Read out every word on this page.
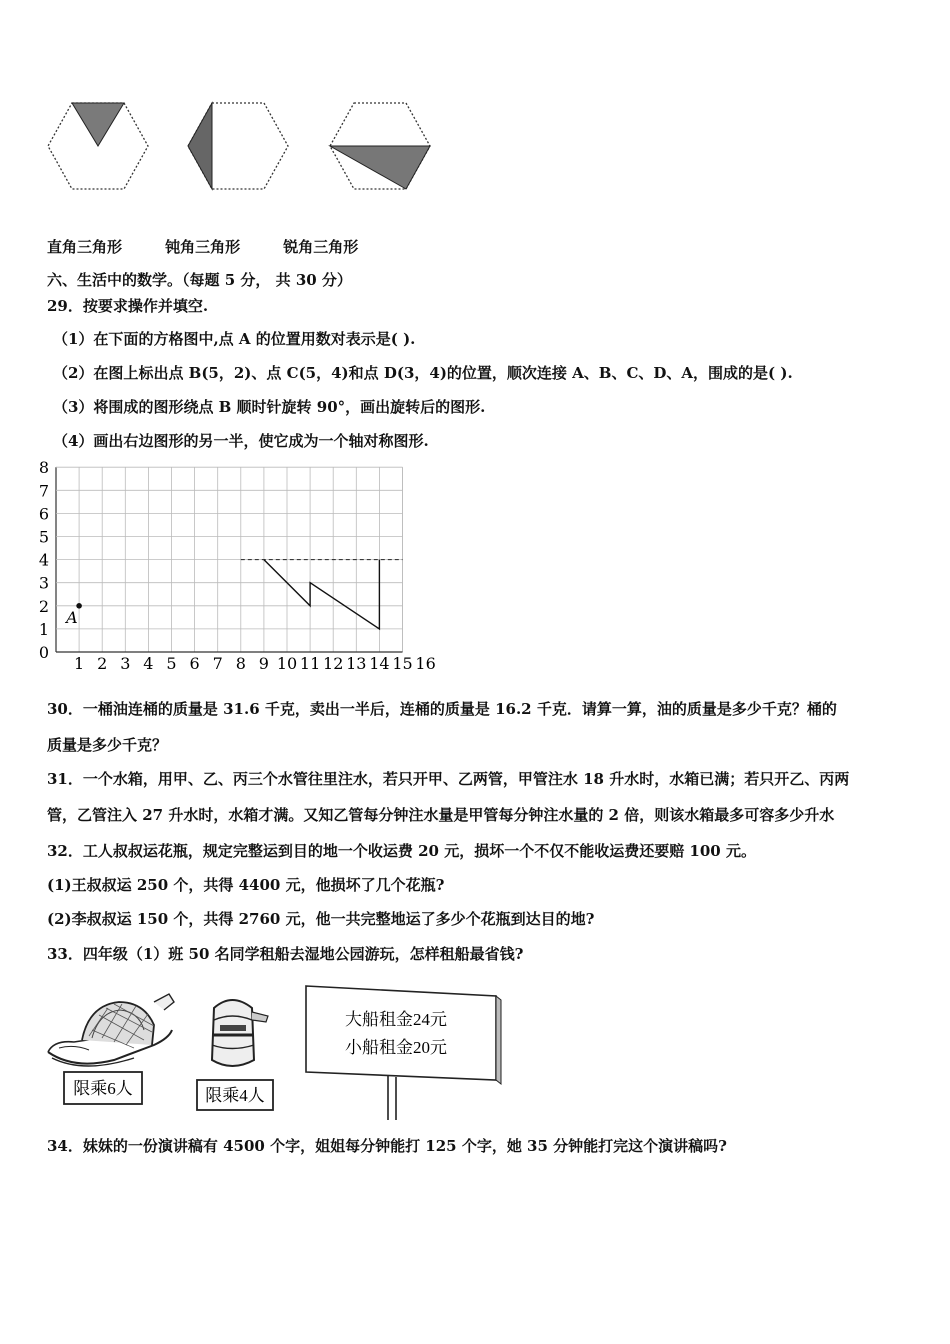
直角三角形	钝角三角形	锐角三角形
六、生活中的数学。（每题 5 分， 共 30 分）
29．按要求操作并填空.
（1）在下面的方格图中,点 A 的位置用数对表示是( ).
（2）在图上标出点 B(5，2)、点 C(5，4)和点 D(3，4)的位置，顺次连接 A、B、C、D、A，围成的是( ).
（3）将围成的图形绕点 B 顺时针旋转 90°，画出旋转后的图形.
（4）画出右边图形的另一半，使它成为一个轴对称图形.
1 2 3 4 5 6 7 8 9 10 11 12 13 14 15 16
0
1
2
3
4
5
6
7
8
A
30．一桶油连桶的质量是 31.6 千克，卖出一半后，连桶的质量是 16.2 千克．请算一算，油的质量是多少千克？桶的
质量是多少千克？
31．一个水箱，用甲、乙、丙三个水管往里注水，若只开甲、乙两管，甲管注水 18 升水时，水箱已满；若只开乙、丙两
管，乙管注入 27 升水时，水箱才满。又知乙管每分钟注水量是甲管每分钟注水量的 2 倍，则该水箱最多可容多少升水
32．工人叔叔运花瓶，规定完整运到目的地一个收运费 20 元，损坏一个不仅不能收运费还要赔 100 元。
(1)王叔叔运 250 个，共得 4400 元，他损坏了几个花瓶?
(2)李叔叔运 150 个，共得 2760 元，他一共完整地运了多少个花瓶到达目的地?
33．四年级（1）班 50 名同学租船去湿地公园游玩，怎样租船最省钱?
限乘6人	限乘4人
大船租金24元
小船租金20元
34．妹妹的一份演讲稿有 4500 个字，姐姐每分钟能打 125 个字，她 35 分钟能打完这个演讲稿吗?
